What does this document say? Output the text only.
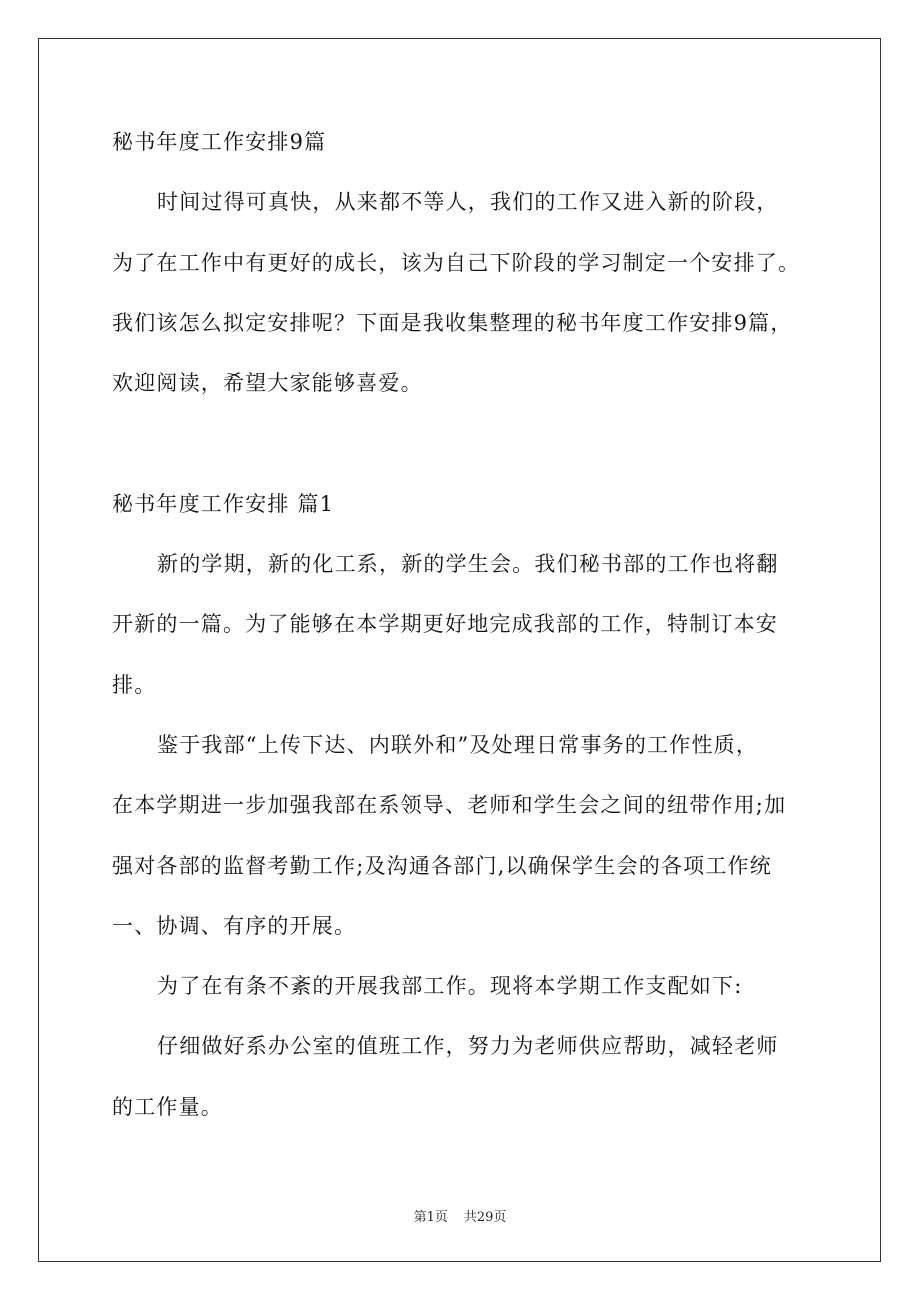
秘书年度工作安排9篇
时间过得可真快，从来都不等人，我们的工作又进入新的阶段，
为了在工作中有更好的成长，该为自己下阶段的学习制定一个安排了。
我们该怎么拟定安排呢？下面是我收集整理的秘书年度工作安排9篇，
欢迎阅读，希望大家能够喜爱。
秘书年度工作安排 篇1
新的学期，新的化工系，新的学生会。我们秘书部的工作也将翻
开新的一篇。为了能够在本学期更好地完成我部的工作，特制订本安
排。
鉴于我部“上传下达、内联外和”及处理日常事务的工作性质，
在本学期进一步加强我部在系领导、老师和学生会之间的纽带作用;加
强对各部的监督考勤工作;及沟通各部门,以确保学生会的各项工作统
一、协调、有序的开展。
为了在有条不紊的开展我部工作。现将本学期工作支配如下:
仔细做好系办公室的值班工作，努力为老师供应帮助，减轻老师
的工作量。
第1页 共29页
